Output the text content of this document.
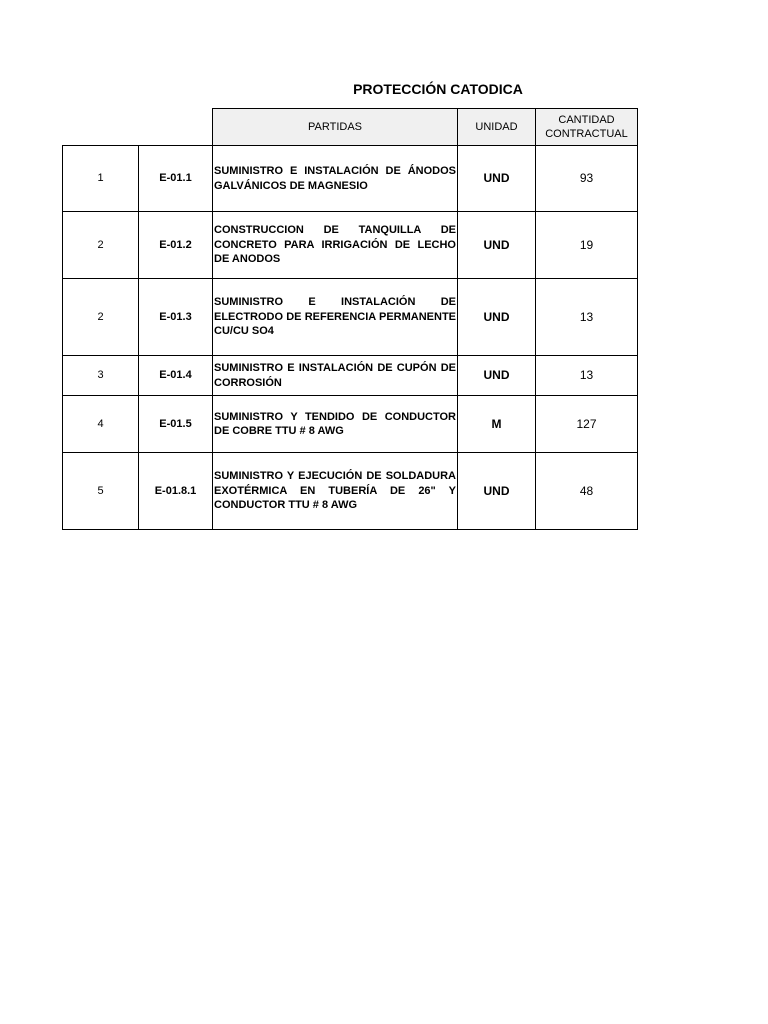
PROTECCIÓN CATODICA
		PARTIDAS	UNIDAD	CANTIDAD
CONTRACTUAL

1	E-01.1	SUMINISTRO E INSTALACIÓN DE ÁNODOS GALVÁNICOS DE MAGNESIO	UND	93
2	E-01.2	CONSTRUCCION DE TANQUILLA DE CONCRETO PARA IRRIGACIÓN DE LECHO DE ANODOS	UND	19
2	E-01.3	SUMINISTRO E INSTALACIÓN DE ELECTRODO DE REFERENCIA PERMANENTE CU/CU SO4	UND	13
3	E-01.4	SUMINISTRO E INSTALACIÓN DE CUPÓN DE CORROSIÓN	UND	13
4	E-01.5	SUMINISTRO Y TENDIDO DE CONDUCTOR DE COBRE TTU # 8 AWG	M	127
5	E-01.8.1	SUMINISTRO Y EJECUCIÓN DE SOLDADURA EXOTÉRMICA EN TUBERÍA DE 26" Y CONDUCTOR TTU # 8 AWG	UND	48
